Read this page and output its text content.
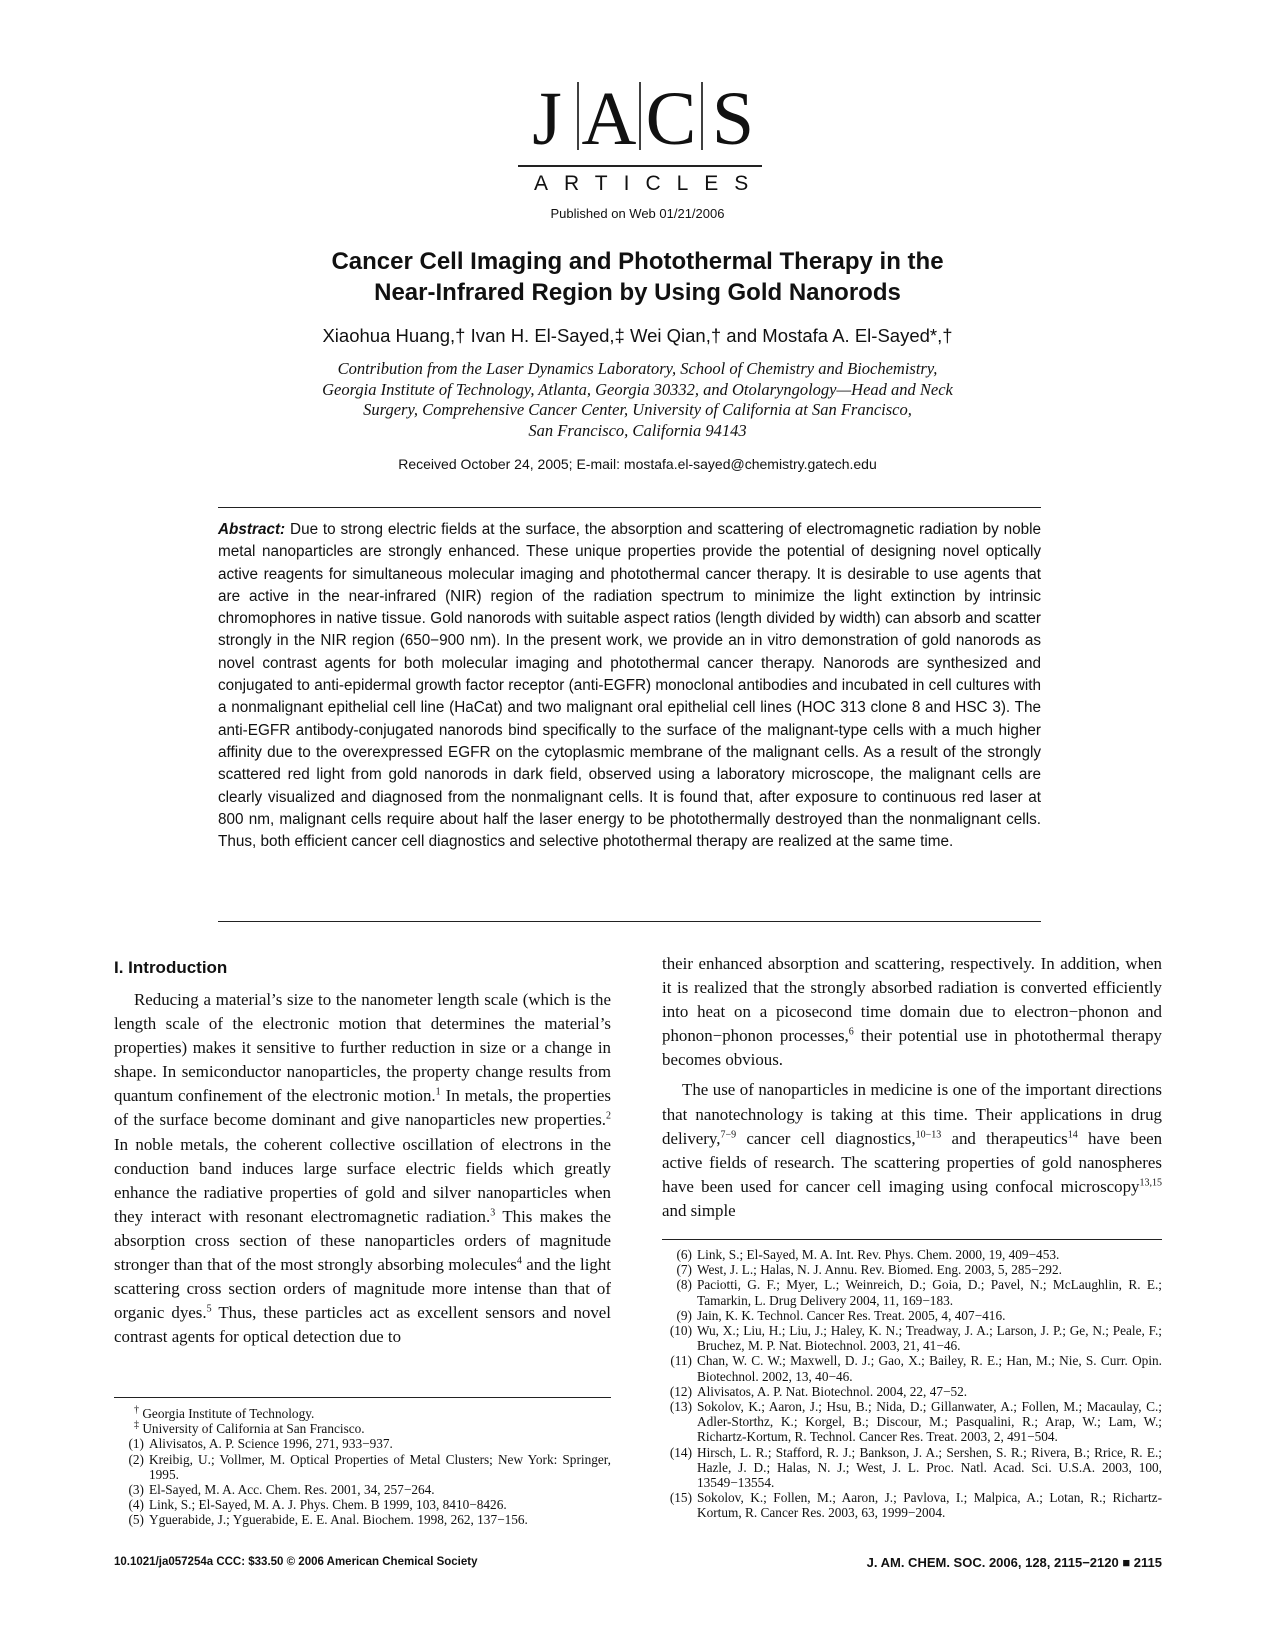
J A C S
ARTICLES
Published on Web 01/21/2006
Cancer Cell Imaging and Photothermal Therapy in the
Near-Infrared Region by Using Gold Nanorods
Xiaohua Huang,† Ivan H. El-Sayed,‡ Wei Qian,† and Mostafa A. El-Sayed*,†
Contribution from the Laser Dynamics Laboratory, School of Chemistry and Biochemistry,
Georgia Institute of Technology, Atlanta, Georgia 30332, and Otolaryngology—Head and Neck
Surgery, Comprehensive Cancer Center, University of California at San Francisco,
San Francisco, California 94143
Received October 24, 2005; E-mail: mostafa.el-sayed@chemistry.gatech.edu
Abstract: Due to strong electric fields at the surface, the absorption and scattering of electromagnetic radiation by noble metal nanoparticles are strongly enhanced. These unique properties provide the potential of designing novel optically active reagents for simultaneous molecular imaging and photothermal cancer therapy. It is desirable to use agents that are active in the near-infrared (NIR) region of the radiation spectrum to minimize the light extinction by intrinsic chromophores in native tissue. Gold nanorods with suitable aspect ratios (length divided by width) can absorb and scatter strongly in the NIR region (650−900 nm). In the present work, we provide an in vitro demonstration of gold nanorods as novel contrast agents for both molecular imaging and photothermal cancer therapy. Nanorods are synthesized and conjugated to anti-epidermal growth factor receptor (anti-EGFR) monoclonal antibodies and incubated in cell cultures with a nonmalignant epithelial cell line (HaCat) and two malignant oral epithelial cell lines (HOC 313 clone 8 and HSC 3). The anti-EGFR antibody-conjugated nanorods bind specifically to the surface of the malignant-type cells with a much higher affinity due to the overexpressed EGFR on the cytoplasmic membrane of the malignant cells. As a result of the strongly scattered red light from gold nanorods in dark field, observed using a laboratory microscope, the malignant cells are clearly visualized and diagnosed from the nonmalignant cells. It is found that, after exposure to continuous red laser at 800 nm, malignant cells require about half the laser energy to be photothermally destroyed than the nonmalignant cells. Thus, both efficient cancer cell diagnostics and selective photothermal therapy are realized at the same time.
I. Introduction

Reducing a material’s size to the nanometer length scale (which is the length scale of the electronic motion that determines the material’s properties) makes it sensitive to further reduction in size or a change in shape. In semiconductor nanoparticles, the property change results from quantum confinement of the electronic motion.$^1$ In metals, the properties of the surface become dominant and give nanoparticles new properties.$^2$ In noble metals, the coherent collective oscillation of electrons in the conduction band induces large surface electric fields which greatly enhance the radiative properties of gold and silver nanoparticles when they interact with resonant electromagnetic radiation.$^3$ This makes the absorption cross section of these nanoparticles orders of magnitude stronger than that of the most strongly absorbing molecules$^4$ and the light scattering cross section orders of magnitude more intense than that of organic dyes.$^5$ Thus, these particles act as excellent sensors and novel contrast agents for optical detection due to

† Georgia Institute of Technology.
‡ University of California at San Francisco.
(1) Alivisatos, A. P. Science 1996, 271, 933−937.
(2) Kreibig, U.; Vollmer, M. Optical Properties of Metal Clusters; New York: Springer, 1995.
(3) El-Sayed, M. A. Acc. Chem. Res. 2001, 34, 257−264.
(4) Link, S.; El-Sayed, M. A. J. Phys. Chem. B 1999, 103, 8410−8426.
(5) Yguerabide, J.; Yguerabide, E. E. Anal. Biochem. 1998, 262, 137−156.

their enhanced absorption and scattering, respectively. In addition, when it is realized that the strongly absorbed radiation is converted efficiently into heat on a picosecond time domain due to electron−phonon and phonon−phonon processes,$^6$ their potential use in photothermal therapy becomes obvious.

The use of nanoparticles in medicine is one of the important directions that nanotechnology is taking at this time. Their applications in drug delivery,$^{7-9}$ cancer cell diagnostics,$^{10-13}$ and therapeutics$^{14}$ have been active fields of research. The scattering properties of gold nanospheres have been used for cancer cell imaging using confocal microscopy$^{13,15}$ and simple

(6) Link, S.; El-Sayed, M. A. Int. Rev. Phys. Chem. 2000, 19, 409−453.
(7) West, J. L.; Halas, N. J. Annu. Rev. Biomed. Eng. 2003, 5, 285−292.
(8) Paciotti, G. F.; Myer, L.; Weinreich, D.; Goia, D.; Pavel, N.; McLaughlin, R. E.; Tamarkin, L. Drug Delivery 2004, 11, 169−183.
(9) Jain, K. K. Technol. Cancer Res. Treat. 2005, 4, 407−416.
(10) Wu, X.; Liu, H.; Liu, J.; Haley, K. N.; Treadway, J. A.; Larson, J. P.; Ge, N.; Peale, F.; Bruchez, M. P. Nat. Biotechnol. 2003, 21, 41−46.
(11) Chan, W. C. W.; Maxwell, D. J.; Gao, X.; Bailey, R. E.; Han, M.; Nie, S. Curr. Opin. Biotechnol. 2002, 13, 40−46.
(12) Alivisatos, A. P. Nat. Biotechnol. 2004, 22, 47−52.
(13) Sokolov, K.; Aaron, J.; Hsu, B.; Nida, D.; Gillanwater, A.; Follen, M.; Macaulay, C.; Adler-Storthz, K.; Korgel, B.; Discour, M.; Pasqualini, R.; Arap, W.; Lam, W.; Richartz-Kortum, R. Technol. Cancer Res. Treat. 2003, 2, 491−504.
(14) Hirsch, L. R.; Stafford, R. J.; Bankson, J. A.; Sershen, S. R.; Rivera, B.; Rrice, R. E.; Hazle, J. D.; Halas, N. J.; West, J. L. Proc. Natl. Acad. Sci. U.S.A. 2003, 100, 13549−13554.
(15) Sokolov, K.; Follen, M.; Aaron, J.; Pavlova, I.; Malpica, A.; Lotan, R.; Richartz-Kortum, R. Cancer Res. 2003, 63, 1999−2004.
10.1021/ja057254a CCC: $33.50 © 2006 American Chemical Society	J. AM. CHEM. SOC. 2006, 128, 2115−2120 ■ 2115
